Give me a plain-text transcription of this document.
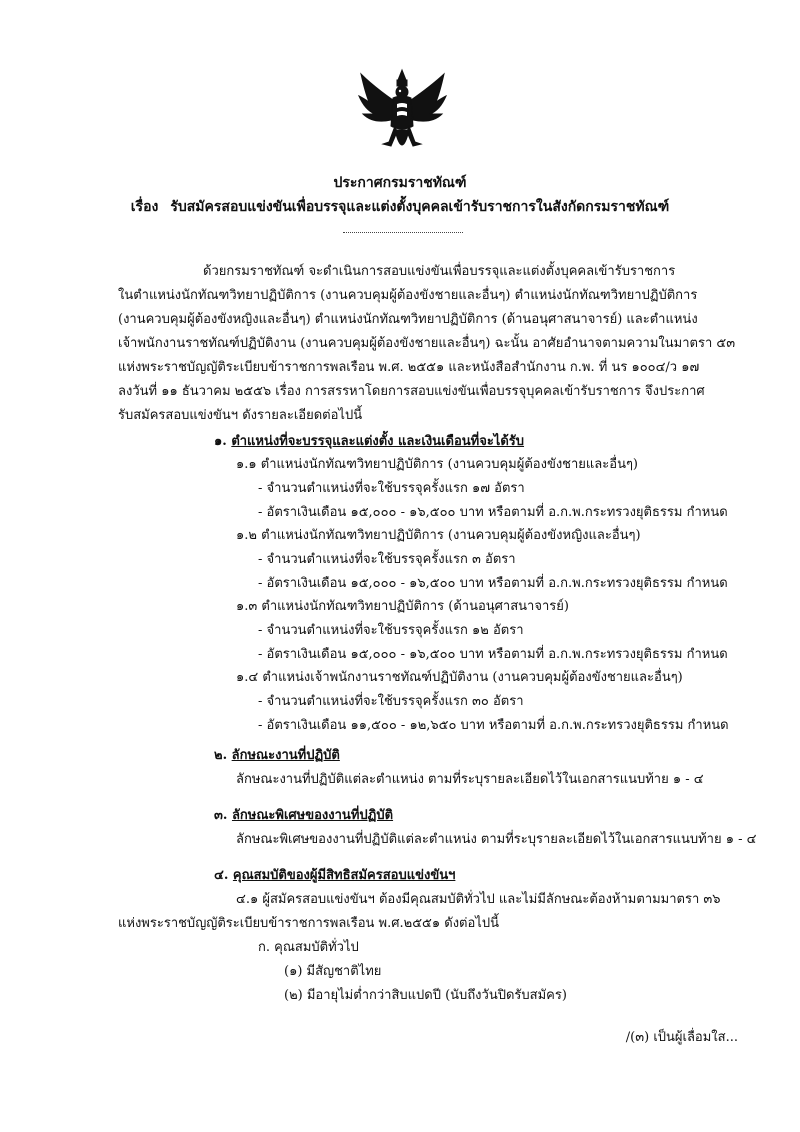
ประกาศกรมราชทัณฑ์
เรื่อง รับสมัครสอบแข่งขันเพื่อบรรจุและแต่งตั้งบุคคลเข้ารับราชการในสังกัดกรมราชทัณฑ์
ด้วยกรมราชทัณฑ์ จะดำเนินการสอบแข่งขันเพื่อบรรจุและแต่งตั้งบุคคลเข้ารับราชการ
ในตำแหน่งนักทัณฑวิทยาปฏิบัติการ (งานควบคุมผู้ต้องขังชายและอื่นๆ) ตำแหน่งนักทัณฑวิทยาปฏิบัติการ
(งานควบคุมผู้ต้องขังหญิงและอื่นๆ) ตำแหน่งนักทัณฑวิทยาปฏิบัติการ (ด้านอนุศาสนาจารย์) และตำแหน่ง
เจ้าพนักงานราชทัณฑ์ปฏิบัติงาน (งานควบคุมผู้ต้องขังชายและอื่นๆ) ฉะนั้น อาศัยอำนาจตามความในมาตรา ๕๓
แห่งพระราชบัญญัติระเบียบข้าราชการพลเรือน พ.ศ. ๒๕๕๑ และหนังสือสำนักงาน ก.พ. ที่ นร ๑๐๐๔/ว ๑๗
ลงวันที่ ๑๑ ธันวาคม ๒๕๕๖ เรื่อง การสรรหาโดยการสอบแข่งขันเพื่อบรรจุบุคคลเข้ารับราชการ จึงประกาศ
รับสมัครสอบแข่งขันฯ ดังรายละเอียดต่อไปนี้
๑. ตำแหน่งที่จะบรรจุและแต่งตั้ง และเงินเดือนที่จะได้รับ
๑.๑ ตำแหน่งนักทัณฑวิทยาปฏิบัติการ (งานควบคุมผู้ต้องขังชายและอื่นๆ)
- จำนวนตำแหน่งที่จะใช้บรรจุครั้งแรก ๑๗ อัตรา
- อัตราเงินเดือน ๑๕,๐๐๐ - ๑๖,๕๐๐ บาท หรือตามที่ อ.ก.พ.กระทรวงยุติธรรม กำหนด
๑.๒ ตำแหน่งนักทัณฑวิทยาปฏิบัติการ (งานควบคุมผู้ต้องขังหญิงและอื่นๆ)
- จำนวนตำแหน่งที่จะใช้บรรจุครั้งแรก ๓ อัตรา
- อัตราเงินเดือน ๑๕,๐๐๐ - ๑๖,๕๐๐ บาท หรือตามที่ อ.ก.พ.กระทรวงยุติธรรม กำหนด
๑.๓ ตำแหน่งนักทัณฑวิทยาปฏิบัติการ (ด้านอนุศาสนาจารย์)
- จำนวนตำแหน่งที่จะใช้บรรจุครั้งแรก ๑๒ อัตรา
- อัตราเงินเดือน ๑๕,๐๐๐ - ๑๖,๕๐๐ บาท หรือตามที่ อ.ก.พ.กระทรวงยุติธรรม กำหนด
๑.๔ ตำแหน่งเจ้าพนักงานราชทัณฑ์ปฏิบัติงาน (งานควบคุมผู้ต้องขังชายและอื่นๆ)
- จำนวนตำแหน่งที่จะใช้บรรจุครั้งแรก ๓๐ อัตรา
- อัตราเงินเดือน ๑๑,๕๐๐ - ๑๒,๖๕๐ บาท หรือตามที่ อ.ก.พ.กระทรวงยุติธรรม กำหนด
๒. ลักษณะงานที่ปฏิบัติ
ลักษณะงานที่ปฏิบัติแต่ละตำแหน่ง ตามที่ระบุรายละเอียดไว้ในเอกสารแนบท้าย ๑ - ๔
๓. ลักษณะพิเศษของงานที่ปฏิบัติ
ลักษณะพิเศษของงานที่ปฏิบัติแต่ละตำแหน่ง ตามที่ระบุรายละเอียดไว้ในเอกสารแนบท้าย ๑ - ๔
๔. คุณสมบัติของผู้มีสิทธิสมัครสอบแข่งขันฯ
๔.๑ ผู้สมัครสอบแข่งขันฯ ต้องมีคุณสมบัติทั่วไป และไม่มีลักษณะต้องห้ามตามมาตรา ๓๖
แห่งพระราชบัญญัติระเบียบข้าราชการพลเรือน พ.ศ.๒๕๕๑ ดังต่อไปนี้
ก. คุณสมบัติทั่วไป
(๑) มีสัญชาติไทย
(๒) มีอายุไม่ต่ำกว่าสิบแปดปี (นับถึงวันปิดรับสมัคร)
/(๓) เป็นผู้เลื่อมใส...
